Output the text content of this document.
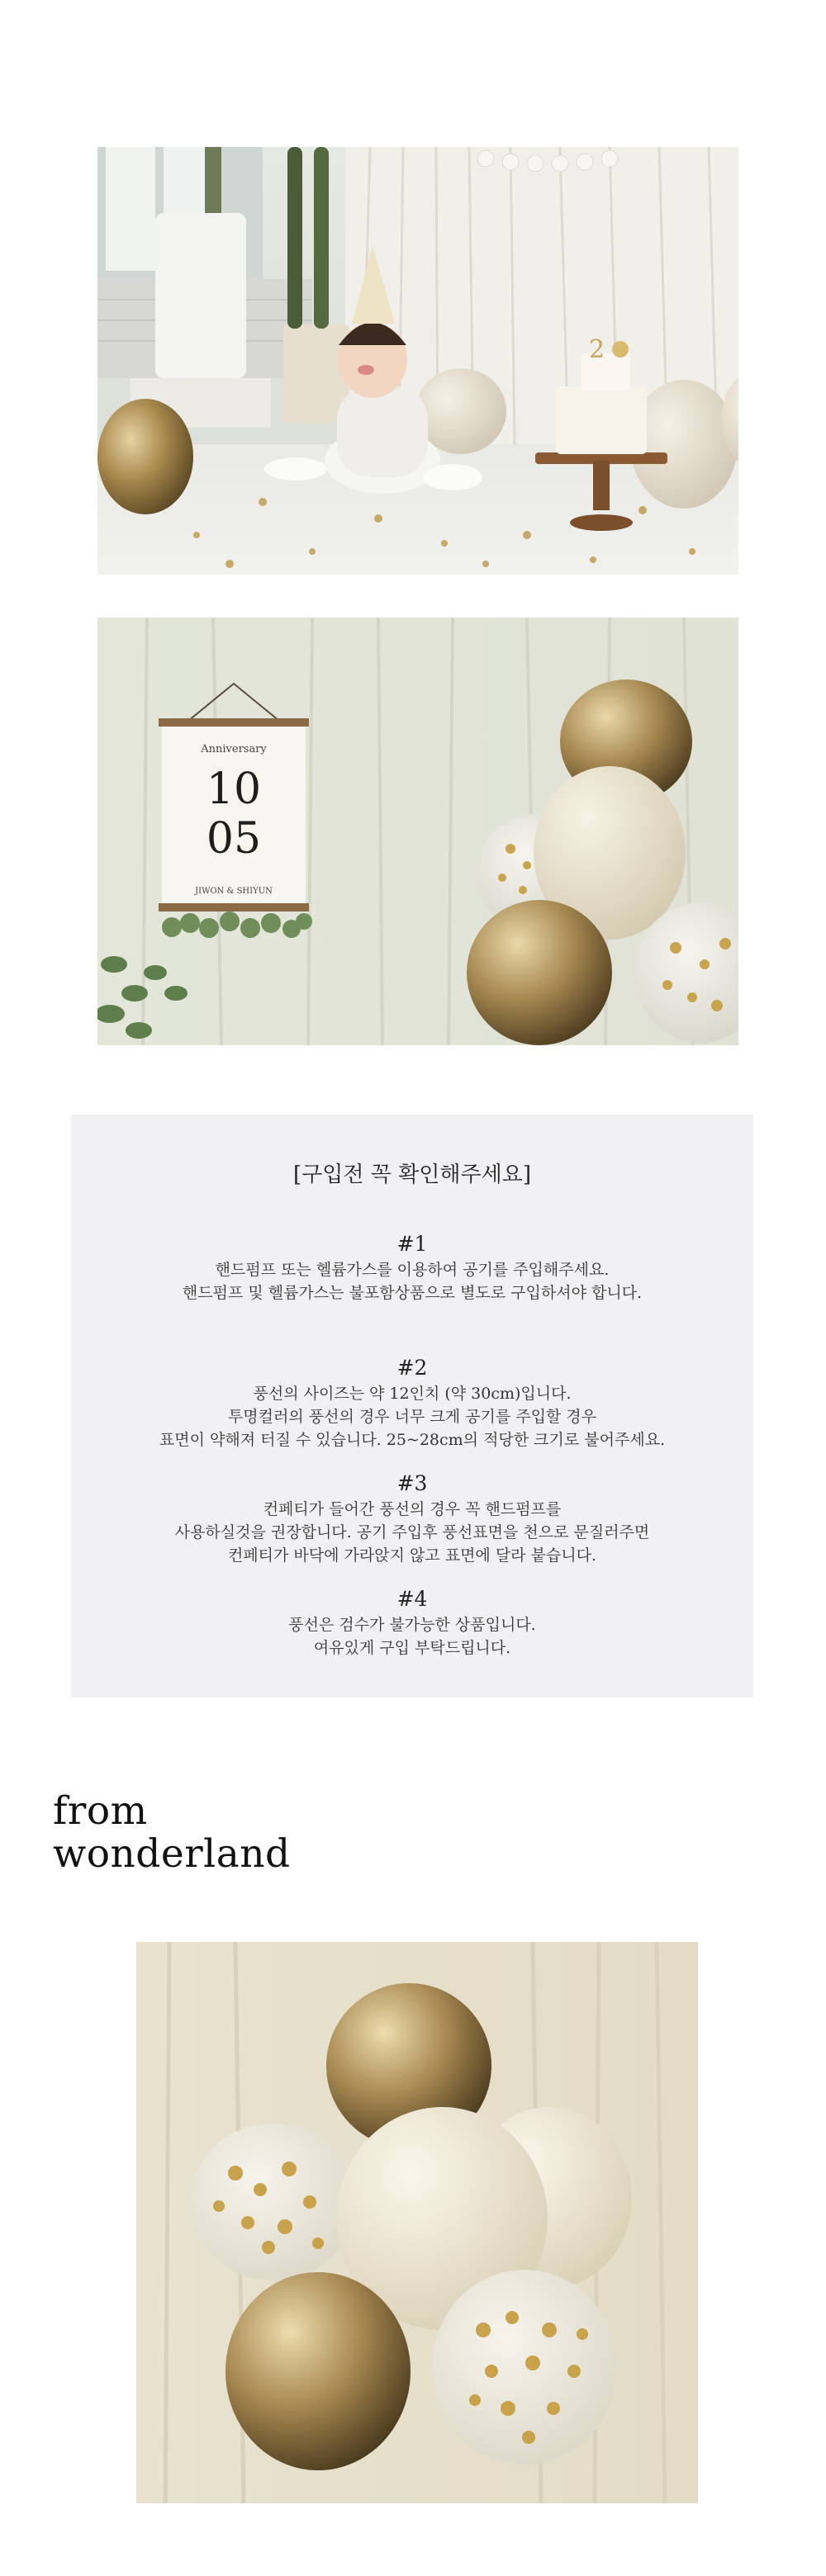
2
Anniversary
10
05
JIWON & SHIYUN
[구입전 꼭 확인해주세요]
#1
핸드펌프 또는 헬륨가스를 이용하여 공기를 주입해주세요.
핸드펌프 및 헬륨가스는 불포함상품으로 별도로 구입하셔야 합니다.
#2
풍선의 사이즈는 약 12인치 (약 30cm)입니다.
투명컬러의 풍선의 경우 너무 크게 공기를 주입할 경우
표면이 약해져 터질 수 있습니다. 25~28cm의 적당한 크기로 불어주세요.
#3
컨페티가 들어간 풍선의 경우 꼭 핸드펌프를
사용하실것을 권장합니다. 공기 주입후 풍선표면을 천으로 문질러주면
컨페티가 바닥에 가라앉지 않고 표면에 달라 붙습니다.
#4
풍선은 검수가 불가능한 상품입니다.
여유있게 구입 부탁드립니다.
from
wonderland
